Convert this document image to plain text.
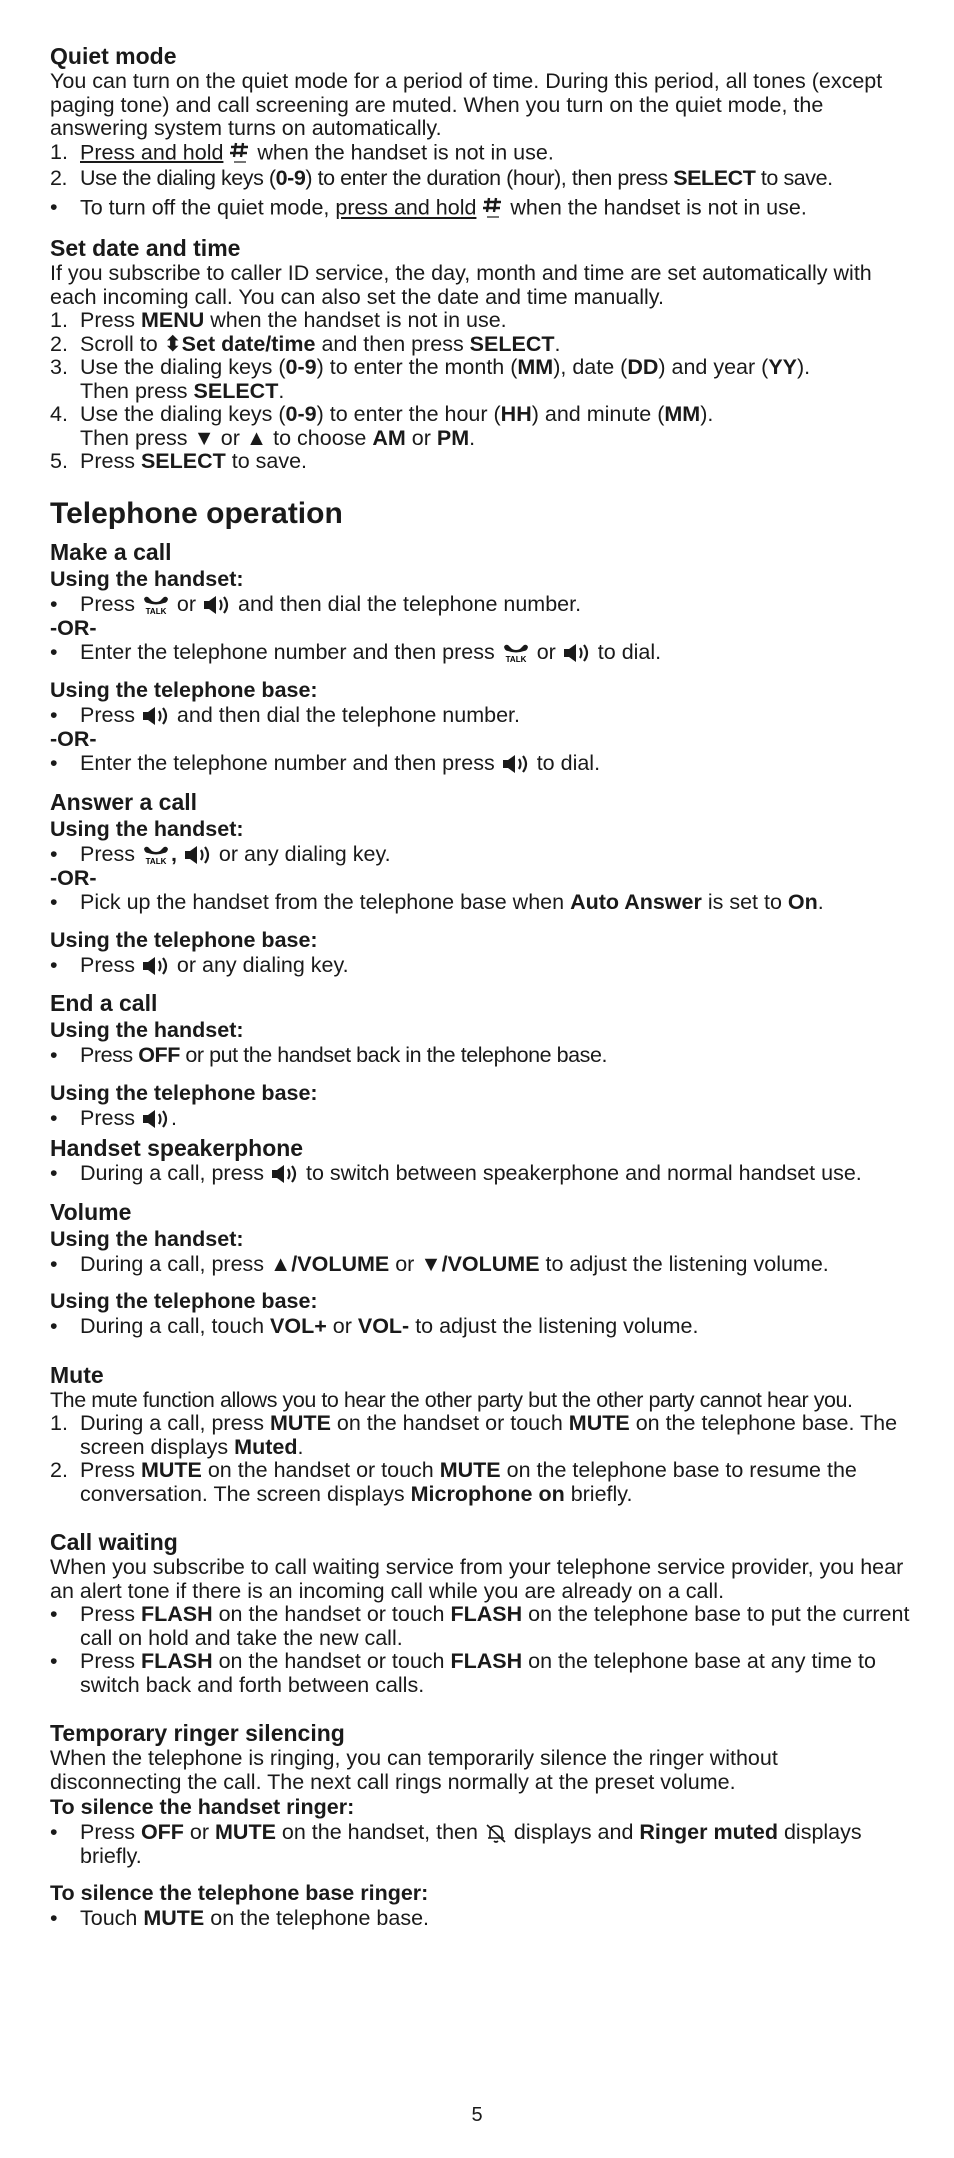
Quiet mode
You can turn on the quiet mode for a period of time. During this period, all tones (except paging tone) and call screening are muted. When you turn on the quiet mode, the answering system turns on automatically.
1. Press and hold  when the handset is not in use.
2. Use the dialing keys (0-9) to enter the duration (hour), then press SELECT to save.
•	To turn off the quiet mode, press and hold  when the handset is not in use.
Set date and time
If you subscribe to caller ID service, the day, month and time are set automatically with each incoming call. You can also set the date and time manually.
1. Press MENU when the handset is not in use.
2. Scroll to ⬍Set date/time and then press SELECT.
3. Use the dialing keys (0-9) to enter the month (MM), date (DD) and year (YY).
Then press SELECT.
4. Use the dialing keys (0-9) to enter the hour (HH) and minute (MM).
Then press ▼ or ▲ to choose AM or PM.
5. Press SELECT to save.
Telephone operation
Make a call
Using the handset:
•	Press TALK or  and then dial the telephone number.
-OR-
•	Enter the telephone number and then press TALK or  to dial.
Using the telephone base:
•	Press  and then dial the telephone number.
-OR-
•	Enter the telephone number and then press  to dial.
Answer a call
Using the handset:
•	Press TALK ,  or any dialing key.
-OR-
•	Pick up the handset from the telephone base when Auto Answer is set to On.
Using the telephone base:
•	Press  or any dialing key.
End a call
Using the handset:
•	Press OFF or put the handset back in the telephone base.
Using the telephone base:
•	Press .
Handset speakerphone
•	During a call, press  to switch between speakerphone and normal handset use.
Volume
Using the handset:
•	During a call, press ▲/VOLUME or ▼/VOLUME to adjust the listening volume.
Using the telephone base:
•	During a call, touch VOL+ or VOL- to adjust the listening volume.
Mute
The mute function allows you to hear the other party but the other party cannot hear you.
1. During a call, press MUTE on the handset or touch MUTE on the telephone base. The screen displays Muted.
2. Press MUTE on the handset or touch MUTE on the telephone base to resume the conversation. The screen displays Microphone on briefly.
Call waiting
When you subscribe to call waiting service from your telephone service provider, you hear an alert tone if there is an incoming call while you are already on a call.
•	Press FLASH on the handset or touch FLASH on the telephone base to put the current call on hold and take the new call.
•	Press FLASH on the handset or touch FLASH on the telephone base at any time to switch back and forth between calls.
Temporary ringer silencing
When the telephone is ringing, you can temporarily silence the ringer without disconnecting the call. The next call rings normally at the preset volume.
To silence the handset ringer:
•	Press OFF or MUTE on the handset, then  displays and Ringer muted displays briefly.
To silence the telephone base ringer:
•	Touch MUTE on the telephone base.
5
